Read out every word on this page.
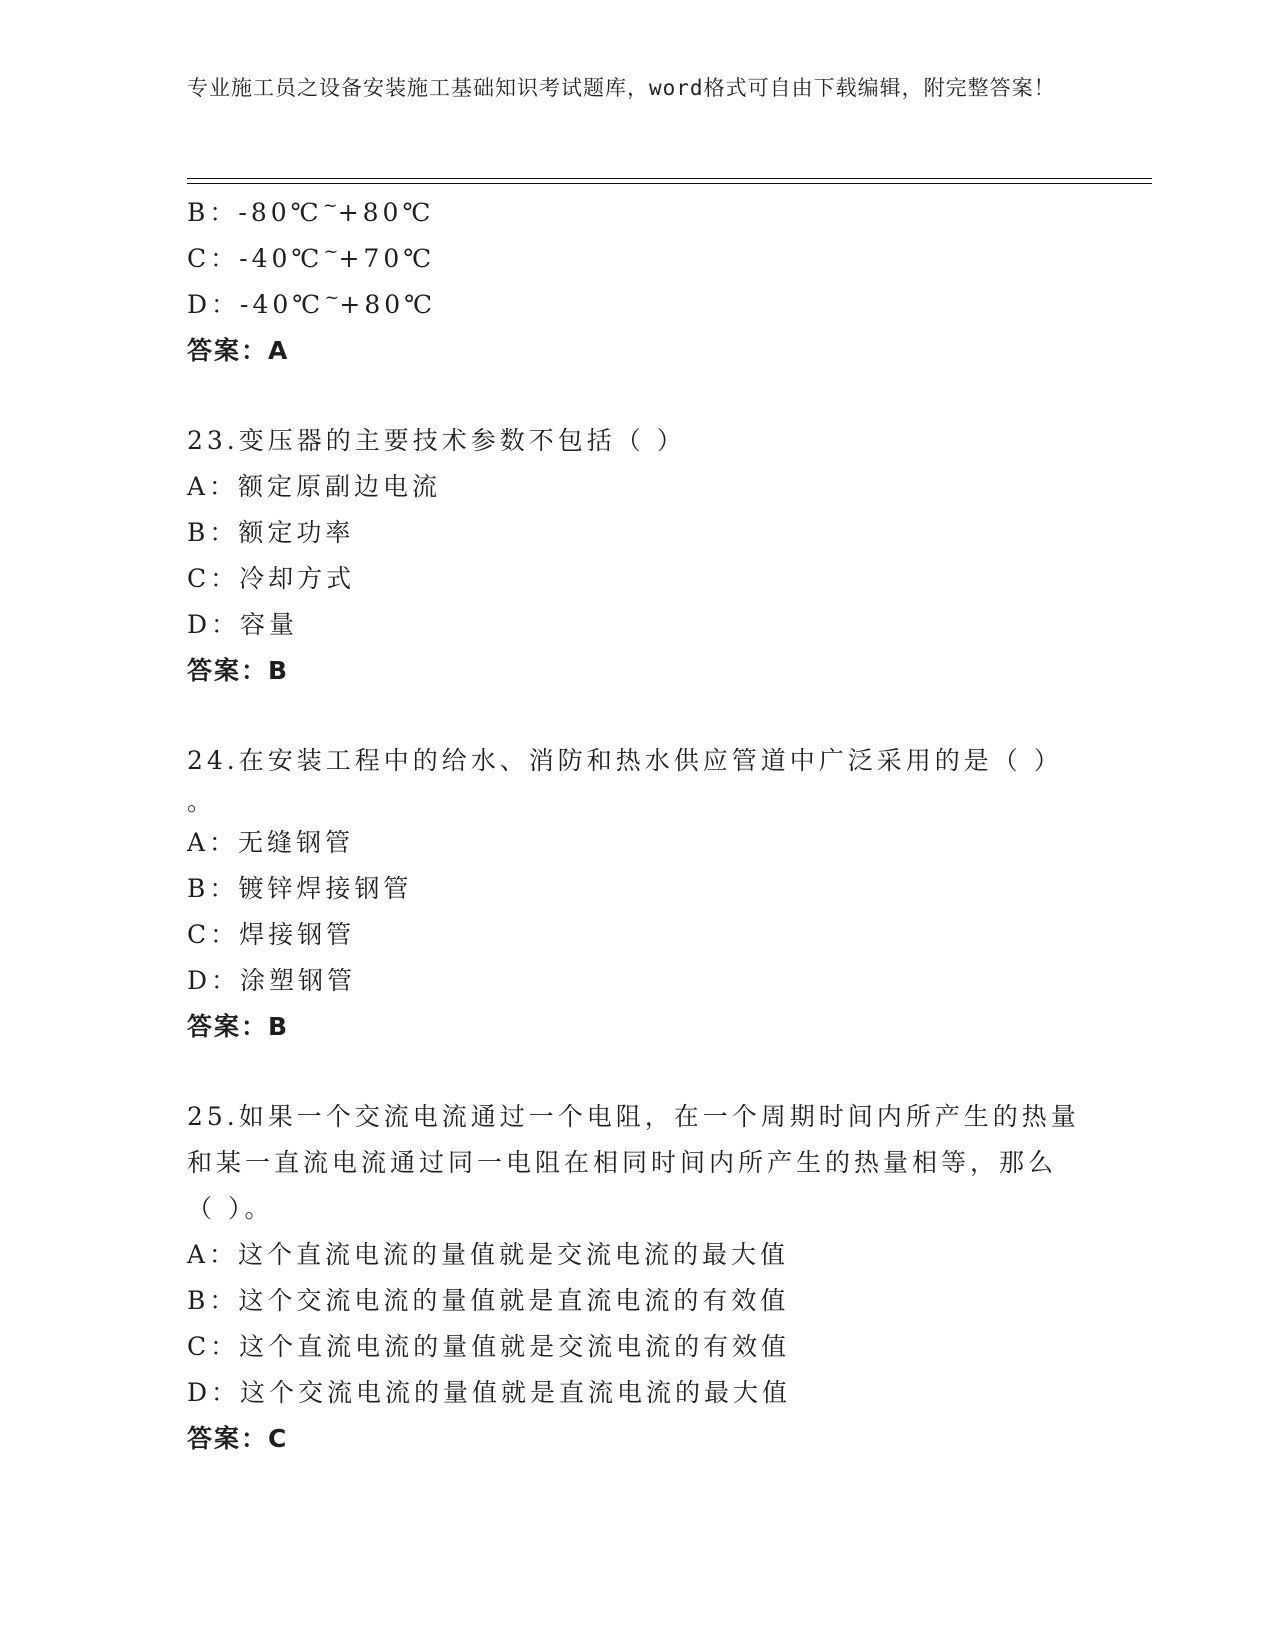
专业施工员之设备安装施工基础知识考试题库，word格式可自由下载编辑，附完整答案！
B：-80℃~+80℃
C：-40℃~+70℃
D：-40℃~+80℃
答案：A
23.变压器的主要技术参数不包括（ ）
A：额定原副边电流
B：额定功率
C：冷却方式
D：容量
答案：B
24.在安装工程中的给水、消防和热水供应管道中广泛采用的是（ ）
。
A：无缝钢管
B：镀锌焊接钢管
C：焊接钢管
D：涂塑钢管
答案：B
25.如果一个交流电流通过一个电阻，在一个周期时间内所产生的热量
和某一直流电流通过同一电阻在相同时间内所产生的热量相等，那么
（ ）。
A：这个直流电流的量值就是交流电流的最大值
B：这个交流电流的量值就是直流电流的有效值
C：这个直流电流的量值就是交流电流的有效值
D：这个交流电流的量值就是直流电流的最大值
答案：C
